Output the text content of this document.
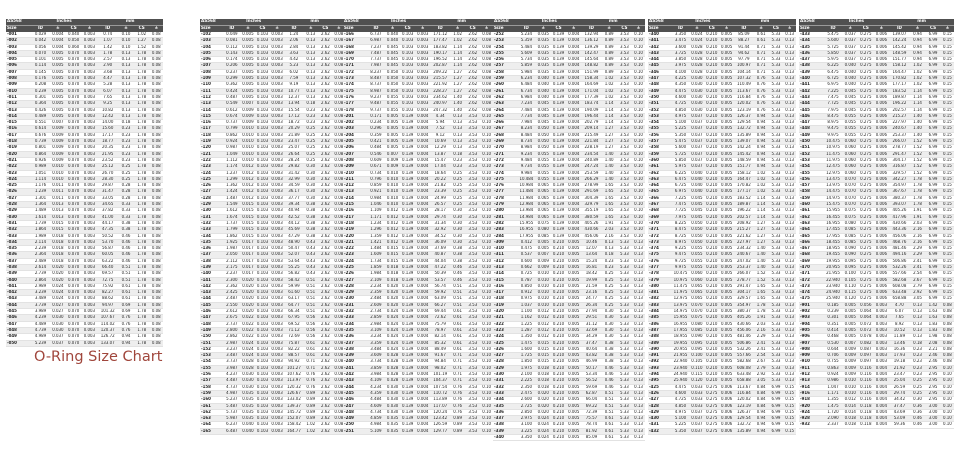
AS568	Inches				mm			
Size	ID	±	CS	±	ID	±	CS	±
-001	0.029	0.004	0.040	0.003	0.74	0.10	1.02	0.08
-002	0.042	0.004	0.050	0.003	1.07	0.10	1.27	0.08
-003	0.056	0.004	0.060	0.003	1.42	0.10	1.52	0.08
-004	0.070	0.005	0.070	0.003	1.78	0.13	1.78	0.08
-005	0.101	0.005	0.070	0.003	2.57	0.13	1.78	0.08
-006	0.114	0.005	0.070	0.003	2.90	0.13	1.78	0.08
-007	0.145	0.005	0.070	0.003	3.68	0.13	1.78	0.08
-008	0.176	0.005	0.070	0.003	4.47	0.13	1.78	0.08
-009	0.208	0.005	0.070	0.003	5.28	0.13	1.78	0.08
-010	0.239	0.005	0.070	0.003	6.07	0.13	1.78	0.08
-011	0.301	0.005	0.070	0.003	7.65	0.13	1.78	0.08
-012	0.364	0.005	0.070	0.003	9.25	0.13	1.78	0.08
-013	0.426	0.005	0.070	0.003	10.82	0.13	1.78	0.08
-014	0.489	0.005	0.070	0.003	12.42	0.13	1.78	0.08
-015	0.551	0.007	0.070	0.003	14.00	0.18	1.78	0.08
-016	0.614	0.009	0.070	0.003	15.60	0.23	1.78	0.08
-017	0.676	0.009	0.070	0.003	17.17	0.23	1.78	0.08
-018	0.739	0.009	0.070	0.003	18.77	0.23	1.78	0.08
-019	0.801	0.009	0.070	0.003	20.35	0.23	1.78	0.08
-020	0.864	0.009	0.070	0.003	21.95	0.23	1.78	0.08
-021	0.926	0.009	0.070	0.003	23.52	0.23	1.78	0.08
-022	0.989	0.010	0.070	0.003	25.12	0.25	1.78	0.08
-023	1.051	0.010	0.070	0.003	26.70	0.25	1.78	0.08
-024	1.114	0.010	0.070	0.003	28.30	0.25	1.78	0.08
-025	1.176	0.011	0.070	0.003	29.87	0.28	1.78	0.08
-026	1.239	0.011	0.070	0.003	31.47	0.28	1.78	0.08
-027	1.301	0.011	0.070	0.003	33.05	0.28	1.78	0.08
-028	1.364	0.013	0.070	0.003	34.65	0.33	1.78	0.08
-029	1.489	0.013	0.070	0.003	37.82	0.33	1.78	0.08
-030	1.614	0.013	0.070	0.003	41.00	0.33	1.78	0.08
-031	1.739	0.015	0.070	0.003	44.17	0.38	1.78	0.08
-032	1.864	0.015	0.070	0.003	47.35	0.38	1.78	0.08
-033	1.989	0.018	0.070	0.003	50.52	0.46	1.78	0.08
-034	2.114	0.018	0.070	0.003	53.70	0.46	1.78	0.08
-035	2.239	0.018	0.070	0.003	56.87	0.46	1.78	0.08
-036	2.364	0.018	0.070	0.003	60.05	0.46	1.78	0.08
-037	2.489	0.018	0.070	0.003	63.22	0.46	1.78	0.08
-038	2.614	0.020	0.070	0.003	66.40	0.51	1.78	0.08
-039	2.739	0.020	0.070	0.003	69.57	0.51	1.78	0.08
-040	2.864	0.020	0.070	0.003	72.75	0.51	1.78	0.08
-041	2.989	0.024	0.070	0.003	75.92	0.61	1.78	0.08
-042	3.239	0.024	0.070	0.003	82.27	0.61	1.78	0.08
-043	3.489	0.024	0.070	0.003	88.62	0.61	1.78	0.08
-044	3.739	0.027	0.070	0.003	94.97	0.69	1.78	0.08
-045	3.989	0.027	0.070	0.003	101.32	0.69	1.78	0.08
-046	4.239	0.030	0.070	0.003	107.67	0.76	1.78	0.08
-047	4.489	0.030	0.070	0.003	114.02	0.76	1.78	0.08
-048	4.739	0.030	0.070	0.003	120.37	0.76	1.78	0.08
-049	4.989	0.037	0.070	0.003	126.72	0.94	1.78	0.08
-050	5.239	0.037	0.070	0.003	133.07	0.94	1.78	0.08
AS568	Inches				mm			
Size	ID	±	CS	±	ID	±	CS	±
-102	0.049	0.005	0.103	0.003	1.24	0.13	2.62	0.08
-103	0.081	0.005	0.103	0.003	2.06	0.13	2.62	0.08
-104	0.112	0.005	0.103	0.003	2.84	0.13	2.62	0.08
-105	0.143	0.005	0.103	0.003	3.63	0.13	2.62	0.08
-106	0.174	0.005	0.103	0.003	4.42	0.13	2.62	0.08
-107	0.206	0.005	0.103	0.003	5.23	0.13	2.62	0.08
-108	0.237	0.005	0.103	0.003	6.02	0.13	2.62	0.08
-109	0.299	0.005	0.103	0.003	7.59	0.13	2.62	0.08
-110	0.362	0.005	0.103	0.003	9.19	0.13	2.62	0.08
-111	0.424	0.005	0.103	0.003	10.77	0.13	2.62	0.08
-112	0.487	0.005	0.103	0.003	12.37	0.13	2.62	0.08
-113	0.549	0.007	0.103	0.003	13.94	0.18	2.62	0.08
-114	0.612	0.009	0.103	0.003	15.54	0.23	2.62	0.08
-115	0.674	0.009	0.103	0.003	17.12	0.23	2.62	0.08
-116	0.737	0.009	0.103	0.003	18.72	0.23	2.62	0.08
-117	0.799	0.010	0.103	0.003	20.29	0.25	2.62	0.08
-118	0.862	0.010	0.103	0.003	21.89	0.25	2.62	0.08
-119	0.924	0.010	0.103	0.003	23.47	0.25	2.62	0.08
-120	0.987	0.010	0.103	0.003	25.07	0.25	2.62	0.08
-121	1.049	0.010	0.103	0.003	26.64	0.25	2.62	0.08
-122	1.112	0.010	0.103	0.003	28.24	0.25	2.62	0.08
-123	1.174	0.012	0.103	0.003	29.82	0.30	2.62	0.08
-124	1.237	0.012	0.103	0.003	31.42	0.30	2.62	0.08
-125	1.299	0.012	0.103	0.003	32.99	0.30	2.62	0.08
-126	1.362	0.012	0.103	0.003	34.59	0.30	2.62	0.08
-127	1.424	0.012	0.103	0.003	36.17	0.30	2.62	0.08
-128	1.487	0.012	0.103	0.003	37.77	0.30	2.62	0.08
-129	1.549	0.015	0.103	0.003	39.34	0.38	2.62	0.08
-130	1.612	0.015	0.103	0.003	40.94	0.38	2.62	0.08
-131	1.674	0.015	0.103	0.003	42.52	0.38	2.62	0.08
-132	1.737	0.015	0.103	0.003	44.12	0.38	2.62	0.08
-133	1.799	0.015	0.103	0.003	45.69	0.38	2.62	0.08
-134	1.862	0.015	0.103	0.003	47.29	0.38	2.62	0.08
-135	1.925	0.017	0.103	0.003	48.90	0.43	2.62	0.08
-136	1.987	0.017	0.103	0.003	50.47	0.43	2.62	0.08
-137	2.050	0.017	0.103	0.003	52.07	0.43	2.62	0.08
-138	2.112	0.017	0.103	0.003	53.64	0.43	2.62	0.08
-139	2.175	0.017	0.103	0.003	55.25	0.43	2.62	0.08
-140	2.237	0.017	0.103	0.003	56.82	0.43	2.62	0.08
-141	2.300	0.020	0.103	0.003	58.42	0.51	2.62	0.08
-142	2.362	0.020	0.103	0.003	59.99	0.51	2.62	0.08
-143	2.425	0.020	0.103	0.003	61.60	0.51	2.62	0.08
-144	2.487	0.020	0.103	0.003	63.17	0.51	2.62	0.08
-145	2.550	0.020	0.103	0.003	64.77	0.51	2.62	0.08
-146	2.612	0.020	0.103	0.003	66.34	0.51	2.62	0.08
-147	2.675	0.022	0.103	0.003	67.95	0.56	2.62	0.08
-148	2.737	0.022	0.103	0.003	69.52	0.56	2.62	0.08
-149	2.800	0.022	0.103	0.003	71.12	0.56	2.62	0.08
-150	2.862	0.022	0.103	0.003	72.69	0.56	2.62	0.08
-151	2.987	0.024	0.103	0.003	75.87	0.61	2.62	0.08
-152	3.237	0.024	0.103	0.003	82.22	0.61	2.62	0.08
-153	3.487	0.024	0.103	0.003	88.57	0.61	2.62	0.08
-154	3.737	0.028	0.103	0.003	94.92	0.71	2.62	0.08
-155	3.987	0.028	0.103	0.003	101.27	0.71	2.62	0.08
-156	4.237	0.030	0.103	0.003	107.62	0.76	2.62	0.08
-157	4.487	0.030	0.103	0.003	113.97	0.76	2.62	0.08
-158	4.737	0.030	0.103	0.003	120.32	0.76	2.62	0.08
-159	4.987	0.035	0.103	0.003	126.67	0.89	2.62	0.08
-160	5.237	0.035	0.103	0.003	133.02	0.89	2.62	0.08
-161	5.487	0.035	0.103	0.003	139.37	0.89	2.62	0.08
-162	5.737	0.035	0.103	0.003	145.72	0.89	2.62	0.08
-163	5.987	0.035	0.103	0.003	152.07	0.89	2.62	0.08
-164	6.237	0.040	0.103	0.003	158.42	1.02	2.62	0.08
-165	6.487	0.040	0.103	0.003	164.77	1.02	2.62	0.08
AS568	Inches				mm			
Size	ID	±	CS	±	ID	±	CS	±
-166	6.737	0.040	0.103	0.003	171.12	1.02	2.62	0.08
-167	6.987	0.040	0.103	0.003	177.47	1.02	2.62	0.08
-168	7.237	0.045	0.103	0.003	183.82	1.14	2.62	0.08
-169	7.487	0.045	0.103	0.003	190.17	1.14	2.62	0.08
-170	7.737	0.045	0.103	0.003	196.52	1.14	2.62	0.08
-171	7.987	0.045	0.103	0.003	202.87	1.14	2.62	0.08
-172	8.237	0.050	0.103	0.003	209.22	1.27	2.62	0.08
-173	8.487	0.050	0.103	0.003	215.57	1.27	2.62	0.08
-174	8.737	0.050	0.103	0.003	221.92	1.27	2.62	0.08
-175	8.987	0.050	0.103	0.003	228.27	1.27	2.62	0.08
-176	9.237	0.055	0.103	0.003	234.62	1.40	2.62	0.08
-177	9.487	0.055	0.103	0.003	240.97	1.40	2.62	0.08
-178	9.737	0.055	0.103	0.003	247.32	1.40	2.62	0.08
-201	0.171	0.005	0.139	0.004	4.34	0.13	3.53	0.10
-202	0.234	0.005	0.139	0.004	5.94	0.13	3.53	0.10
-203	0.296	0.005	0.139	0.004	7.52	0.13	3.53	0.10
-204	0.359	0.005	0.139	0.004	9.12	0.13	3.53	0.10
-205	0.421	0.005	0.139	0.004	10.69	0.13	3.53	0.10
-206	0.484	0.005	0.139	0.004	12.29	0.13	3.53	0.10
-207	0.546	0.007	0.139	0.004	13.87	0.18	3.53	0.10
-208	0.609	0.009	0.139	0.004	15.47	0.23	3.53	0.10
-209	0.671	0.009	0.139	0.004	17.04	0.23	3.53	0.10
-210	0.734	0.010	0.139	0.004	18.64	0.25	3.53	0.10
-211	0.796	0.010	0.139	0.004	20.22	0.25	3.53	0.10
-212	0.859	0.010	0.139	0.004	21.82	0.25	3.53	0.10
-213	0.921	0.010	0.139	0.004	23.39	0.25	3.53	0.10
-214	0.984	0.010	0.139	0.004	24.99	0.25	3.53	0.10
-215	1.046	0.010	0.139	0.004	26.57	0.25	3.53	0.10
-216	1.109	0.012	0.139	0.004	28.17	0.30	3.53	0.10
-217	1.171	0.012	0.139	0.004	29.74	0.30	3.53	0.10
-218	1.234	0.012	0.139	0.004	31.34	0.30	3.53	0.10
-219	1.296	0.012	0.139	0.004	32.92	0.30	3.53	0.10
-220	1.359	0.012	0.139	0.004	34.52	0.30	3.53	0.10
-221	1.421	0.012	0.139	0.004	36.09	0.30	3.53	0.10
-222	1.484	0.015	0.139	0.004	37.69	0.38	3.53	0.10
-223	1.609	0.015	0.139	0.004	40.87	0.38	3.53	0.10
-224	1.734	0.015	0.139	0.004	44.04	0.38	3.53	0.10
-225	1.859	0.018	0.139	0.004	47.22	0.46	3.53	0.10
-226	1.984	0.018	0.139	0.004	50.39	0.46	3.53	0.10
-227	2.109	0.018	0.139	0.004	53.57	0.46	3.53	0.10
-228	2.234	0.020	0.139	0.004	56.74	0.51	3.53	0.10
-229	2.359	0.020	0.139	0.004	59.92	0.51	3.53	0.10
-230	2.484	0.020	0.139	0.004	63.09	0.51	3.53	0.10
-231	2.609	0.020	0.139	0.004	66.27	0.51	3.53	0.10
-232	2.734	0.024	0.139	0.004	69.44	0.61	3.53	0.10
-233	2.859	0.024	0.139	0.004	72.62	0.61	3.53	0.10
-234	2.984	0.024	0.139	0.004	75.79	0.61	3.53	0.10
-235	3.109	0.024	0.139	0.004	78.97	0.61	3.53	0.10
-236	3.234	0.024	0.139	0.004	82.14	0.61	3.53	0.10
-237	3.359	0.024	0.139	0.004	85.32	0.61	3.53	0.10
-238	3.484	0.024	0.139	0.004	88.49	0.61	3.53	0.10
-239	3.609	0.028	0.139	0.004	91.67	0.71	3.53	0.10
-240	3.734	0.028	0.139	0.004	94.84	0.71	3.53	0.10
-241	3.859	0.028	0.139	0.004	98.02	0.71	3.53	0.10
-242	3.984	0.028	0.139	0.004	101.19	0.71	3.53	0.10
-243	4.109	0.028	0.139	0.004	104.37	0.71	3.53	0.10
-244	4.234	0.030	0.139	0.004	107.54	0.76	3.53	0.10
-245	4.359	0.030	0.139	0.004	110.72	0.76	3.53	0.10
-246	4.484	0.030	0.139	0.004	113.89	0.76	3.53	0.10
-247	4.609	0.030	0.139	0.004	117.07	0.76	3.53	0.10
-248	4.734	0.030	0.139	0.004	120.24	0.76	3.53	0.10
-249	4.859	0.035	0.139	0.004	123.42	0.89	3.53	0.10
-250	4.984	0.035	0.139	0.004	126.59	0.89	3.53	0.10
-251	5.109	0.035	0.139	0.004	129.77	0.89	3.53	0.10
AS568	Inches				mm			
Size	ID	±	CS	±	ID	±	CS	±
-252	5.234	0.035	0.139	0.004	132.94	0.89	3.53	0.10
-253	5.359	0.035	0.139	0.004	136.12	0.89	3.53	0.10
-254	5.484	0.035	0.139	0.004	139.29	0.89	3.53	0.10
-255	5.609	0.035	0.139	0.004	142.47	0.89	3.53	0.10
-256	5.734	0.035	0.139	0.004	145.64	0.89	3.53	0.10
-257	5.859	0.035	0.139	0.004	148.82	0.89	3.53	0.10
-258	5.984	0.035	0.139	0.004	151.99	0.89	3.53	0.10
-259	6.234	0.040	0.139	0.004	158.34	1.02	3.53	0.10
-260	6.484	0.040	0.139	0.004	164.69	1.02	3.53	0.10
-261	6.734	0.040	0.139	0.004	171.04	1.02	3.53	0.10
-262	6.984	0.040	0.139	0.004	177.39	1.02	3.53	0.10
-263	7.234	0.045	0.139	0.004	183.74	1.14	3.53	0.10
-264	7.484	0.045	0.139	0.004	190.09	1.14	3.53	0.10
-265	7.734	0.045	0.139	0.004	196.44	1.14	3.53	0.10
-266	7.984	0.045	0.139	0.004	202.79	1.14	3.53	0.10
-267	8.234	0.050	0.139	0.004	209.14	1.27	3.53	0.10
-268	8.484	0.050	0.139	0.004	215.49	1.27	3.53	0.10
-269	8.734	0.050	0.139	0.004	221.84	1.27	3.53	0.10
-270	8.984	0.050	0.139	0.004	228.19	1.27	3.53	0.10
-271	9.234	0.055	0.139	0.004	234.54	1.40	3.53	0.10
-272	9.484	0.055	0.139	0.004	240.89	1.40	3.53	0.10
-273	9.734	0.055	0.139	0.004	247.24	1.40	3.53	0.10
-274	9.984	0.055	0.139	0.004	253.59	1.40	3.53	0.10
-275	10.484	0.055	0.139	0.004	266.29	1.40	3.53	0.10
-276	10.984	0.065	0.139	0.004	278.99	1.65	3.53	0.10
-277	11.484	0.065	0.139	0.004	291.69	1.65	3.53	0.10
-278	11.984	0.065	0.139	0.004	304.39	1.65	3.53	0.10
-279	12.984	0.065	0.139	0.004	329.79	1.65	3.53	0.10
-280	13.984	0.065	0.139	0.004	355.19	1.65	3.53	0.10
-281	14.984	0.065	0.139	0.004	380.59	1.65	3.53	0.10
-282	15.955	0.075	0.139	0.004	405.26	1.91	3.53	0.10
-283	16.955	0.080	0.139	0.004	430.66	2.03	3.53	0.10
-284	17.955	0.085	0.139	0.004	456.06	2.16	3.53	0.10
-309	0.412	0.005	0.210	0.005	10.46	0.13	5.33	0.13
-310	0.475	0.005	0.210	0.005	12.07	0.13	5.33	0.13
-311	0.537	0.007	0.210	0.005	13.64	0.18	5.33	0.13
-312	0.600	0.009	0.210	0.005	15.24	0.23	5.33	0.13
-313	0.662	0.009	0.210	0.005	16.81	0.23	5.33	0.13
-314	0.725	0.010	0.210	0.005	18.42	0.25	5.33	0.13
-315	0.787	0.010	0.210	0.005	19.99	0.25	5.33	0.13
-316	0.850	0.010	0.210	0.005	21.59	0.25	5.33	0.13
-317	0.912	0.010	0.210	0.005	23.16	0.25	5.33	0.13
-318	0.975	0.010	0.210	0.005	24.77	0.25	5.33	0.13
-319	1.037	0.010	0.210	0.005	26.34	0.25	5.33	0.13
-320	1.100	0.012	0.210	0.005	27.94	0.30	5.33	0.13
-321	1.162	0.012	0.210	0.005	29.51	0.30	5.33	0.13
-322	1.225	0.012	0.210	0.005	31.12	0.30	5.33	0.13
-323	1.287	0.012	0.210	0.005	32.69	0.30	5.33	0.13
-324	1.350	0.012	0.210	0.005	34.29	0.30	5.33	0.13
-325	1.475	0.015	0.210	0.005	37.47	0.38	5.33	0.13
-326	1.600	0.015	0.210	0.005	40.64	0.38	5.33	0.13
-327	1.725	0.015	0.210	0.005	43.82	0.38	5.33	0.13
-328	1.850	0.015	0.210	0.005	46.99	0.38	5.33	0.13
-329	1.975	0.018	0.210	0.005	50.17	0.46	5.33	0.13
-330	2.100	0.018	0.210	0.005	53.34	0.46	5.33	0.13
-331	2.225	0.018	0.210	0.005	56.52	0.46	5.33	0.13
-332	2.350	0.018	0.210	0.005	59.69	0.46	5.33	0.13
-333	2.475	0.020	0.210	0.005	62.87	0.51	5.33	0.13
-334	2.600	0.020	0.210	0.005	66.04	0.51	5.33	0.13
-335	2.725	0.020	0.210	0.005	69.22	0.51	5.33	0.13
-336	2.850	0.020	0.210	0.005	72.39	0.51	5.33	0.13
-337	2.975	0.024	0.210	0.005	75.57	0.61	5.33	0.13
-338	3.100	0.024	0.210	0.005	78.74	0.61	5.33	0.13
-339	3.225	0.024	0.210	0.005	81.92	0.61	5.33	0.13
-340	3.350	0.024	0.210	0.005	85.09	0.61	5.33	0.13
AS568	Inches				mm			
Size	ID	±	CS	±	ID	±	CS	±
-340	3.350	0.024	0.210	0.005	85.09	0.61	5.33	0.13
-341	3.475	0.024	0.210	0.005	88.27	0.61	5.33	0.13
-342	3.600	0.028	0.210	0.005	91.44	0.71	5.33	0.13
-343	3.725	0.028	0.210	0.005	94.62	0.71	5.33	0.13
-344	3.850	0.028	0.210	0.005	97.79	0.71	5.33	0.13
-345	3.975	0.028	0.210	0.005	100.97	0.71	5.33	0.13
-346	4.100	0.028	0.210	0.005	104.14	0.71	5.33	0.13
-347	4.225	0.030	0.210	0.005	107.32	0.76	5.33	0.13
-348	4.350	0.030	0.210	0.005	110.49	0.76	5.33	0.13
-349	4.475	0.030	0.210	0.005	113.67	0.76	5.33	0.13
-350	4.600	0.030	0.210	0.005	116.84	0.76	5.33	0.13
-351	4.725	0.030	0.210	0.005	120.02	0.76	5.33	0.13
-352	4.850	0.030	0.210	0.005	123.19	0.76	5.33	0.13
-353	4.975	0.037	0.210	0.005	126.37	0.94	5.33	0.13
-354	5.100	0.037	0.210	0.005	129.54	0.94	5.33	0.13
-355	5.225	0.037	0.210	0.005	132.72	0.94	5.33	0.13
-356	5.350	0.037	0.210	0.005	135.89	0.94	5.33	0.13
-357	5.475	0.037	0.210	0.005	139.07	0.94	5.33	0.13
-358	5.600	0.037	0.210	0.005	142.24	0.94	5.33	0.13
-359	5.725	0.037	0.210	0.005	145.42	0.94	5.33	0.13
-360	5.850	0.037	0.210	0.005	148.59	0.94	5.33	0.13
-361	5.975	0.037	0.210	0.005	151.77	0.94	5.33	0.13
-362	6.225	0.040	0.210	0.005	158.12	1.02	5.33	0.13
-363	6.475	0.040	0.210	0.005	164.47	1.02	5.33	0.13
-364	6.725	0.040	0.210	0.005	170.82	1.02	5.33	0.13
-365	6.975	0.040	0.210	0.005	177.17	1.02	5.33	0.13
-366	7.225	0.045	0.210	0.005	183.52	1.14	5.33	0.13
-367	7.475	0.045	0.210	0.005	189.87	1.14	5.33	0.13
-368	7.725	0.045	0.210	0.005	196.22	1.14	5.33	0.13
-369	7.975	0.045	0.210	0.005	202.57	1.14	5.33	0.13
-370	8.225	0.050	0.210	0.005	208.92	1.27	5.33	0.13
-371	8.475	0.050	0.210	0.005	215.27	1.27	5.33	0.13
-372	8.725	0.050	0.210	0.005	221.62	1.27	5.33	0.13
-373	8.975	0.050	0.210	0.005	227.97	1.27	5.33	0.13
-374	9.225	0.055	0.210	0.005	234.32	1.40	5.33	0.13
-375	9.475	0.055	0.210	0.005	240.67	1.40	5.33	0.13
-376	9.725	0.055	0.210	0.005	247.02	1.40	5.33	0.13
-377	9.975	0.055	0.210	0.005	253.37	1.40	5.33	0.13
-378	10.475	0.060	0.210	0.005	266.07	1.52	5.33	0.13
-379	10.975	0.060	0.210	0.005	278.77	1.52	5.33	0.13
-380	11.475	0.065	0.210	0.005	291.47	1.65	5.33	0.13
-381	11.975	0.065	0.210	0.005	304.17	1.65	5.33	0.13
-382	12.975	0.065	0.210	0.005	329.57	1.65	5.33	0.13
-383	13.975	0.070	0.210	0.005	354.97	1.78	5.33	0.13
-384	14.975	0.070	0.210	0.005	380.37	1.78	5.33	0.13
-385	15.955	0.075	0.210	0.005	405.26	1.91	5.33	0.13
-386	16.955	0.080	0.210	0.005	430.66	2.03	5.33	0.13
-387	17.955	0.085	0.210	0.005	456.06	2.16	5.33	0.13
-388	18.955	0.090	0.210	0.005	481.46	2.29	5.33	0.13
-389	19.955	0.095	0.210	0.005	506.86	2.41	5.33	0.13
-390	20.955	0.095	0.210	0.005	532.26	2.41	5.33	0.13
-391	21.955	0.100	0.210	0.005	557.66	2.54	5.33	0.13
-392	22.940	0.105	0.210	0.005	582.68	2.67	5.33	0.13
-393	23.940	0.110	0.210	0.005	608.08	2.79	5.33	0.13
-394	24.940	0.115	0.210	0.005	633.48	2.92	5.33	0.13
-395	25.940	0.120	0.210	0.005	658.88	3.05	5.33	0.13
-425	4.475	0.033	0.275	0.006	113.67	0.84	6.99	0.15
-426	4.600	0.033	0.275	0.006	116.84	0.84	6.99	0.15
-427	4.725	0.033	0.275	0.006	120.02	0.84	6.99	0.15
-428	4.850	0.033	0.275	0.006	123.19	0.84	6.99	0.15
-429	4.975	0.037	0.275	0.006	126.37	0.94	6.99	0.15
-430	5.100	0.037	0.275	0.006	129.54	0.94	6.99	0.15
-431	5.225	0.037	0.275	0.006	132.72	0.94	6.99	0.15
-432	5.350	0.037	0.275	0.006	135.89	0.94	6.99	0.15
AS568	Inches				mm			
Size	ID	±	CS	±	ID	±	CS	±
-433	5.475	0.037	0.275	0.006	139.07	0.94	6.99	0.15
-434	5.600	0.037	0.275	0.006	142.24	0.94	6.99	0.15
-435	5.725	0.037	0.275	0.006	145.42	0.94	6.99	0.15
-436	5.850	0.037	0.275	0.006	148.59	0.94	6.99	0.15
-437	5.975	0.037	0.275	0.006	151.77	0.94	6.99	0.15
-438	6.225	0.040	0.275	0.006	158.12	1.02	6.99	0.15
-439	6.475	0.040	0.275	0.006	164.47	1.02	6.99	0.15
-440	6.725	0.040	0.275	0.006	170.82	1.02	6.99	0.15
-441	6.975	0.040	0.275	0.006	177.17	1.02	6.99	0.15
-442	7.225	0.045	0.275	0.006	183.52	1.14	6.99	0.15
-443	7.475	0.045	0.275	0.006	189.87	1.14	6.99	0.15
-444	7.725	0.045	0.275	0.006	196.22	1.14	6.99	0.15
-445	7.975	0.045	0.275	0.006	202.57	1.14	6.99	0.15
-446	8.475	0.055	0.275	0.006	215.27	1.40	6.99	0.15
-447	8.975	0.055	0.275	0.006	227.97	1.40	6.99	0.15
-448	9.475	0.055	0.275	0.006	240.67	1.40	6.99	0.15
-449	9.975	0.055	0.275	0.006	253.37	1.40	6.99	0.15
-450	10.475	0.060	0.275	0.006	266.07	1.52	6.99	0.15
-451	10.975	0.060	0.275	0.006	278.77	1.52	6.99	0.15
-452	11.475	0.060	0.275	0.006	291.47	1.52	6.99	0.15
-453	11.975	0.060	0.275	0.006	304.17	1.52	6.99	0.15
-454	12.475	0.060	0.275	0.006	316.87	1.52	6.99	0.15
-455	12.975	0.060	0.275	0.006	329.57	1.52	6.99	0.15
-456	13.475	0.070	0.275	0.006	342.27	1.78	6.99	0.15
-457	13.975	0.070	0.275	0.006	354.97	1.78	6.99	0.15
-458	14.475	0.070	0.275	0.006	367.67	1.78	6.99	0.15
-459	14.975	0.070	0.275	0.006	380.37	1.78	6.99	0.15
-460	15.475	0.070	0.275	0.006	393.07	1.78	6.99	0.15
-461	15.955	0.075	0.275	0.006	405.26	1.91	6.99	0.15
-462	16.455	0.075	0.275	0.006	417.96	1.91	6.99	0.15
-463	16.955	0.080	0.275	0.006	430.66	2.03	6.99	0.15
-464	17.455	0.085	0.275	0.006	443.36	2.16	6.99	0.15
-465	17.955	0.085	0.275	0.006	456.06	2.16	6.99	0.15
-466	18.455	0.085	0.275	0.006	468.76	2.16	6.99	0.15
-467	18.955	0.090	0.275	0.006	481.46	2.29	6.99	0.15
-468	19.455	0.090	0.275	0.006	494.16	2.29	6.99	0.15
-469	19.955	0.095	0.275	0.006	506.86	2.41	6.99	0.15
-470	20.955	0.095	0.275	0.006	532.26	2.41	6.99	0.15
-471	21.955	0.100	0.275	0.006	557.66	2.54	6.99	0.15
-472	22.940	0.105	0.275	0.006	582.68	2.67	6.99	0.15
-473	23.940	0.110	0.275	0.006	608.08	2.79	6.99	0.15
-474	24.940	0.115	0.275	0.006	633.48	2.92	6.99	0.15
-475	25.940	0.120	0.275	0.006	658.88	3.05	6.99	0.15
-901	0.185	0.005	0.056	0.003	4.70	0.13	1.42	0.08
-902	0.239	0.005	0.064	0.003	6.07	0.13	1.63	0.08
-903	0.301	0.005	0.064	0.003	7.65	0.13	1.63	0.08
-904	0.351	0.005	0.072	0.003	8.92	0.13	1.83	0.08
-905	0.414	0.005	0.072	0.003	10.52	0.13	1.83	0.08
-906	0.468	0.005	0.078	0.003	11.89	0.13	1.98	0.08
-907	0.530	0.007	0.082	0.003	13.46	0.18	2.08	0.08
-908	0.644	0.009	0.087	0.003	16.36	0.23	2.21	0.08
-909	0.706	0.009	0.097	0.003	17.93	0.23	2.46	0.08
-910	0.755	0.009	0.097	0.003	19.18	0.23	2.46	0.08
-911	0.863	0.009	0.116	0.004	21.92	0.23	2.95	0.10
-912	0.924	0.009	0.116	0.004	23.47	0.23	2.95	0.10
-913	0.986	0.010	0.116	0.004	25.04	0.25	2.95	0.10
-914	1.047	0.010	0.116	0.004	26.59	0.25	2.95	0.10
-916	1.171	0.010	0.116	0.004	29.74	0.25	2.95	0.10
-918	1.355	0.012	0.116	0.004	34.42	0.30	2.95	0.10
-920	1.475	0.014	0.118	0.004	37.47	0.36	3.00	0.10
-924	1.720	0.014	0.118	0.004	43.69	0.36	3.00	0.10
-928	2.090	0.018	0.118	0.004	53.09	0.46	3.00	0.10
-932	2.337	0.018	0.118	0.004	59.36	0.46	3.00	0.10
O-Ring Size Chart
